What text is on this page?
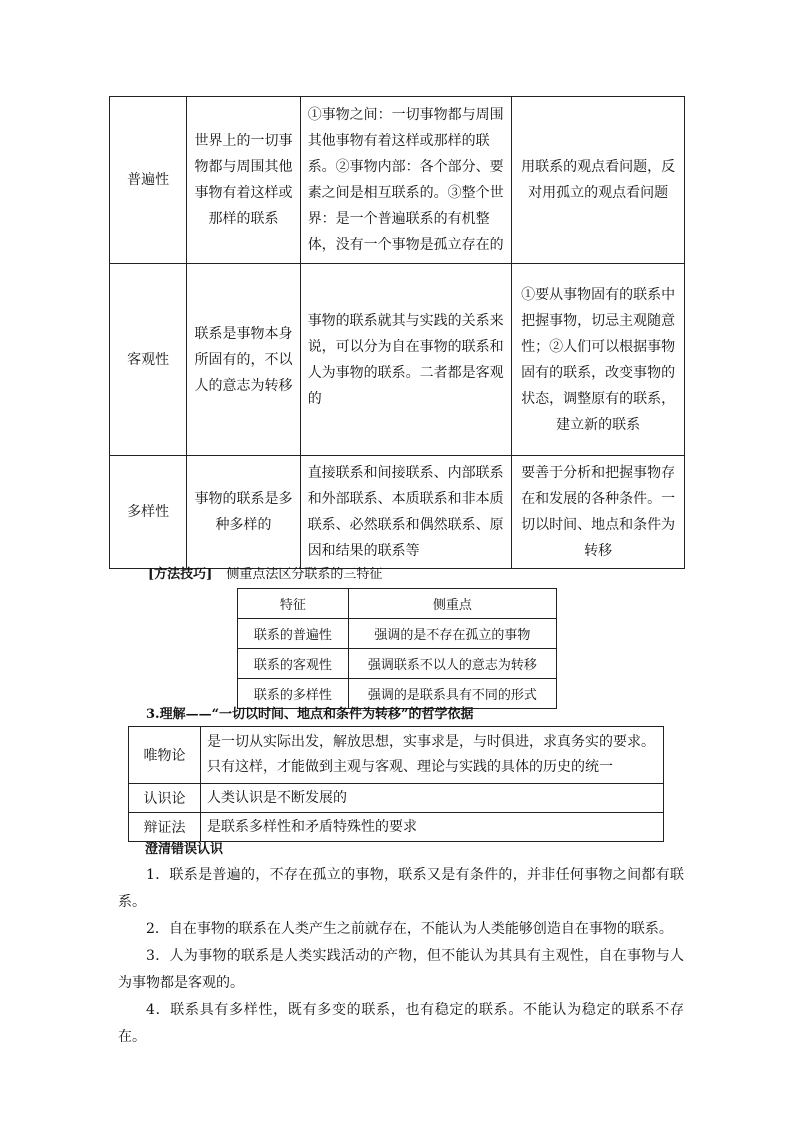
普遍性	世界上的一切事物都与周围其他事物有着这样或那样的联系	①事物之间：一切事物都与周围其他事物有着这样或那样的联系。②事物内部：各个部分、要素之间是相互联系的。③整个世界：是一个普遍联系的有机整体，没有一个事物是孤立存在的	用联系的观点看问题，反对用孤立的观点看问题
客观性	联系是事物本身所固有的，不以人的意志为转移	事物的联系就其与实践的关系来说，可以分为自在事物的联系和人为事物的联系。二者都是客观的	①要从事物固有的联系中把握事物，切忌主观随意性；②人们可以根据事物固有的联系，改变事物的状态，调整原有的联系，建立新的联系
多样性	事物的联系是多种多样的	直接联系和间接联系、内部联系和外部联系、本质联系和非本质联系、必然联系和偶然联系、原因和结果的联系等	要善于分析和把握事物存在和发展的各种条件。一切以时间、地点和条件为转移
[方法技巧] 侧重点法区分联系的三特征
特征	侧重点
联系的普遍性	强调的是不存在孤立的事物
联系的客观性	强调联系不以人的意志为转移
联系的多样性	强调的是联系具有不同的形式
3.理解——“一切以时间、地点和条件为转移”的哲学依据
唯物论	是一切从实际出发，解放思想，实事求是，与时俱进，求真务实的要求。只有这样，才能做到主观与客观、理论与实践的具体的历史的统一
认识论	人类认识是不断发展的
辩证法	是联系多样性和矛盾特殊性的要求
澄清错误认识

1．联系是普遍的，不存在孤立的事物，联系又是有条件的，并非任何事物之间都有联系。

2．自在事物的联系在人类产生之前就存在，不能认为人类能够创造自在事物的联系。

3．人为事物的联系是人类实践活动的产物，但不能认为其具有主观性，自在事物与人为事物都是客观的。

4．联系具有多样性，既有多变的联系，也有稳定的联系。不能认为稳定的联系不存在。
